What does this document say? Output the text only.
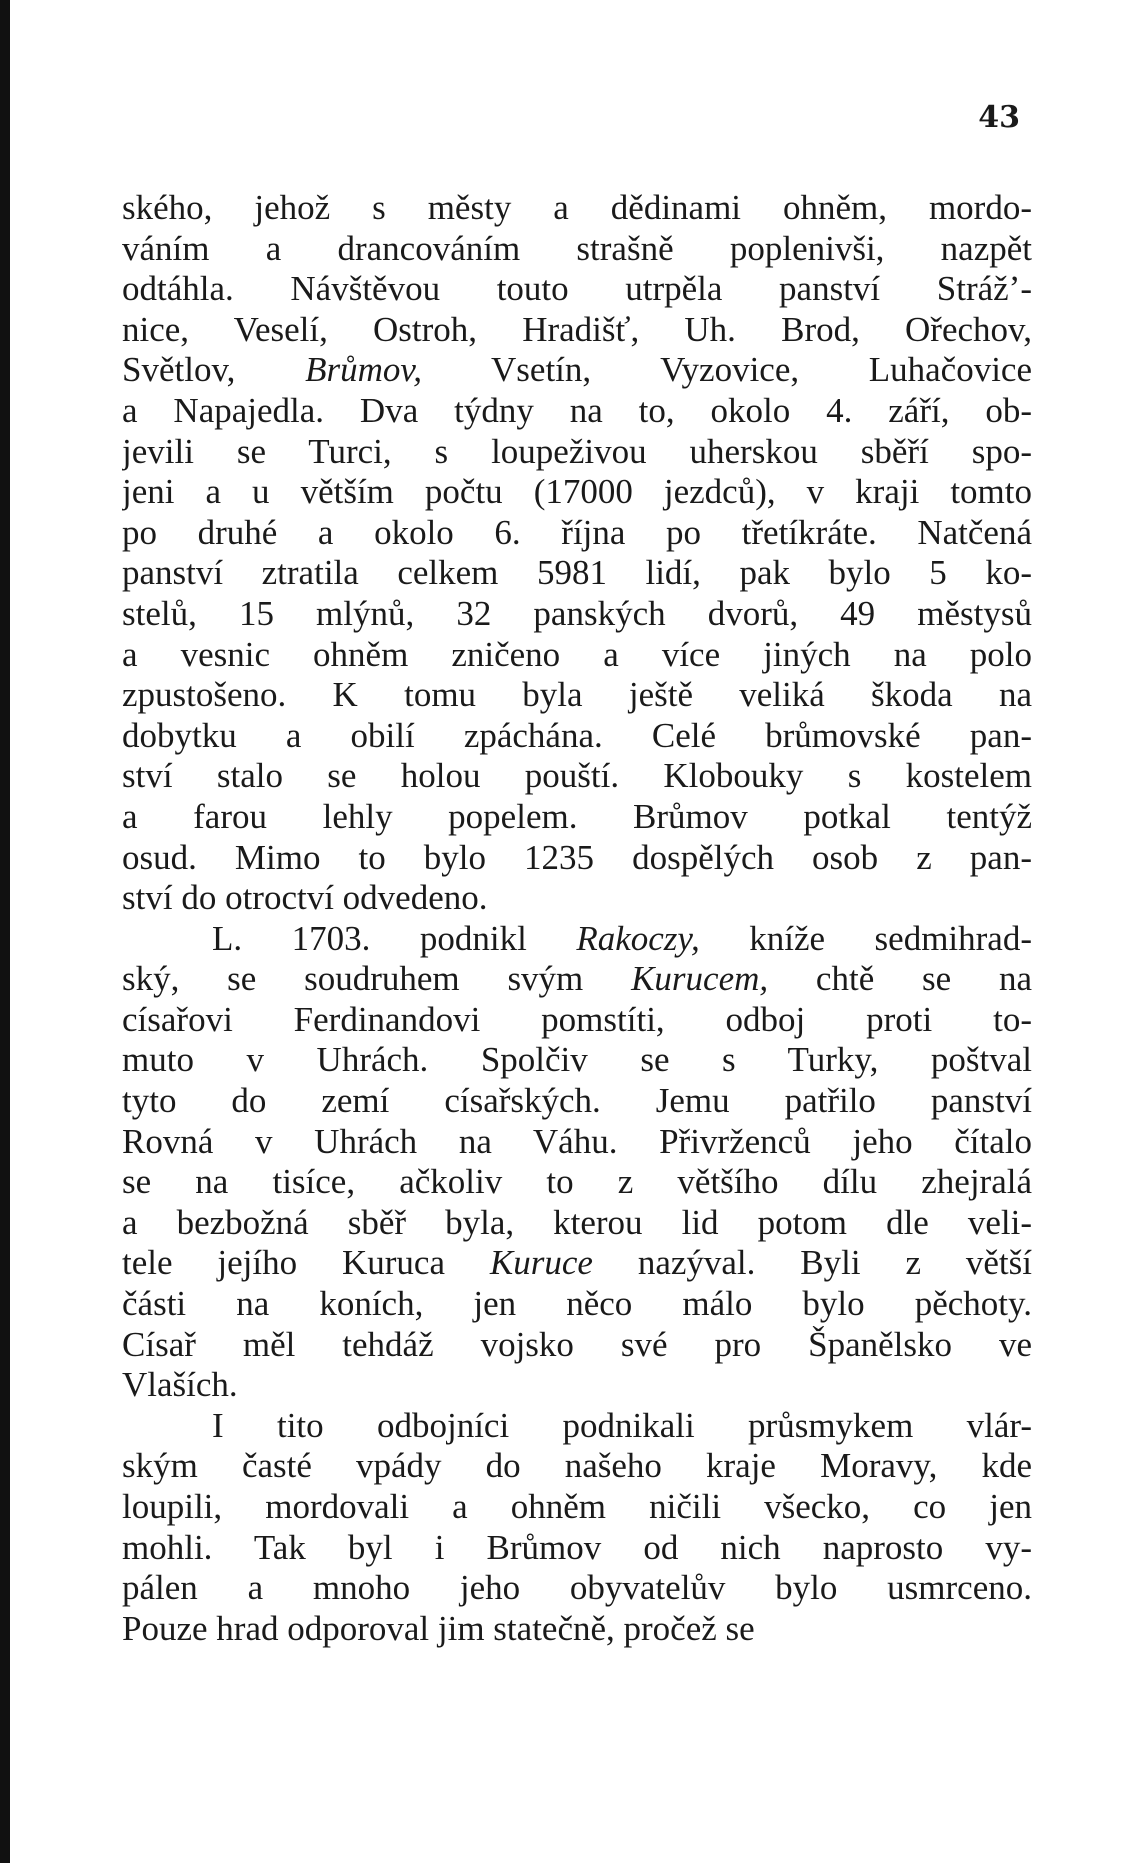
43
ského, jehož s městy a dědinami ohněm, mordo-
váním a drancováním strašně poplenivši, nazpět
odtáhla. Návštěvou touto utrpěla panství Strážʼ-
nice, Veselí, Ostroh, Hradišť, Uh. Brod, Ořechov,
Světlov, Brůmov, Vsetín, Vyzovice, Luhačovice
a Napajedla. Dva týdny na to, okolo 4. září, ob-
jevili se Turci, s loupeživou uherskou sběří spo-
jeni a u větším počtu (17000 jezdců), v kraji tomto
po druhé a okolo 6. října po třetíkráte. Natčená
panství ztratila celkem 5981 lidí, pak bylo 5 ko-
stelů, 15 mlýnů, 32 panských dvorů, 49 městysů
a vesnic ohněm zničeno a více jiných na polo
zpustošeno. K tomu byla ještě veliká škoda na
dobytku a obilí zpáchána. Celé brůmovské pan-
ství stalo se holou pouští. Klobouky s kostelem
a farou lehly popelem. Brůmov potkal tentýž
osud. Mimo to bylo 1235 dospělých osob z pan-
ství do otroctví odvedeno.
L. 1703. podnikl Rakoczy, kníže sedmihrad-
ský, se soudruhem svým Kurucem, chtě se na
císařovi Ferdinandovi pomstíti, odboj proti to-
muto v Uhrách. Spolčiv se s Turky, poštval
tyto do zemí císařských. Jemu patřilo panství
Rovná v Uhrách na Váhu. Přivrženců jeho čítalo
se na tisíce, ačkoliv to z většího dílu zhejralá
a bezbožná sběř byla, kterou lid potom dle veli-
tele jejího Kuruca Kuruce nazýval. Byli z větší
části na koních, jen něco málo bylo pěchoty.
Císař měl tehdáž vojsko své pro Španělsko ve
Vlaších.
I tito odbojníci podnikali průsmykem vlár-
ským časté vpády do našeho kraje Moravy, kde
loupili, mordovali a ohněm ničili všecko, co jen
mohli. Tak byl i Brůmov od nich naprosto vy-
pálen a mnoho jeho obyvatelův bylo usmrceno.
Pouze hrad odporoval jim statečně, pročež se
